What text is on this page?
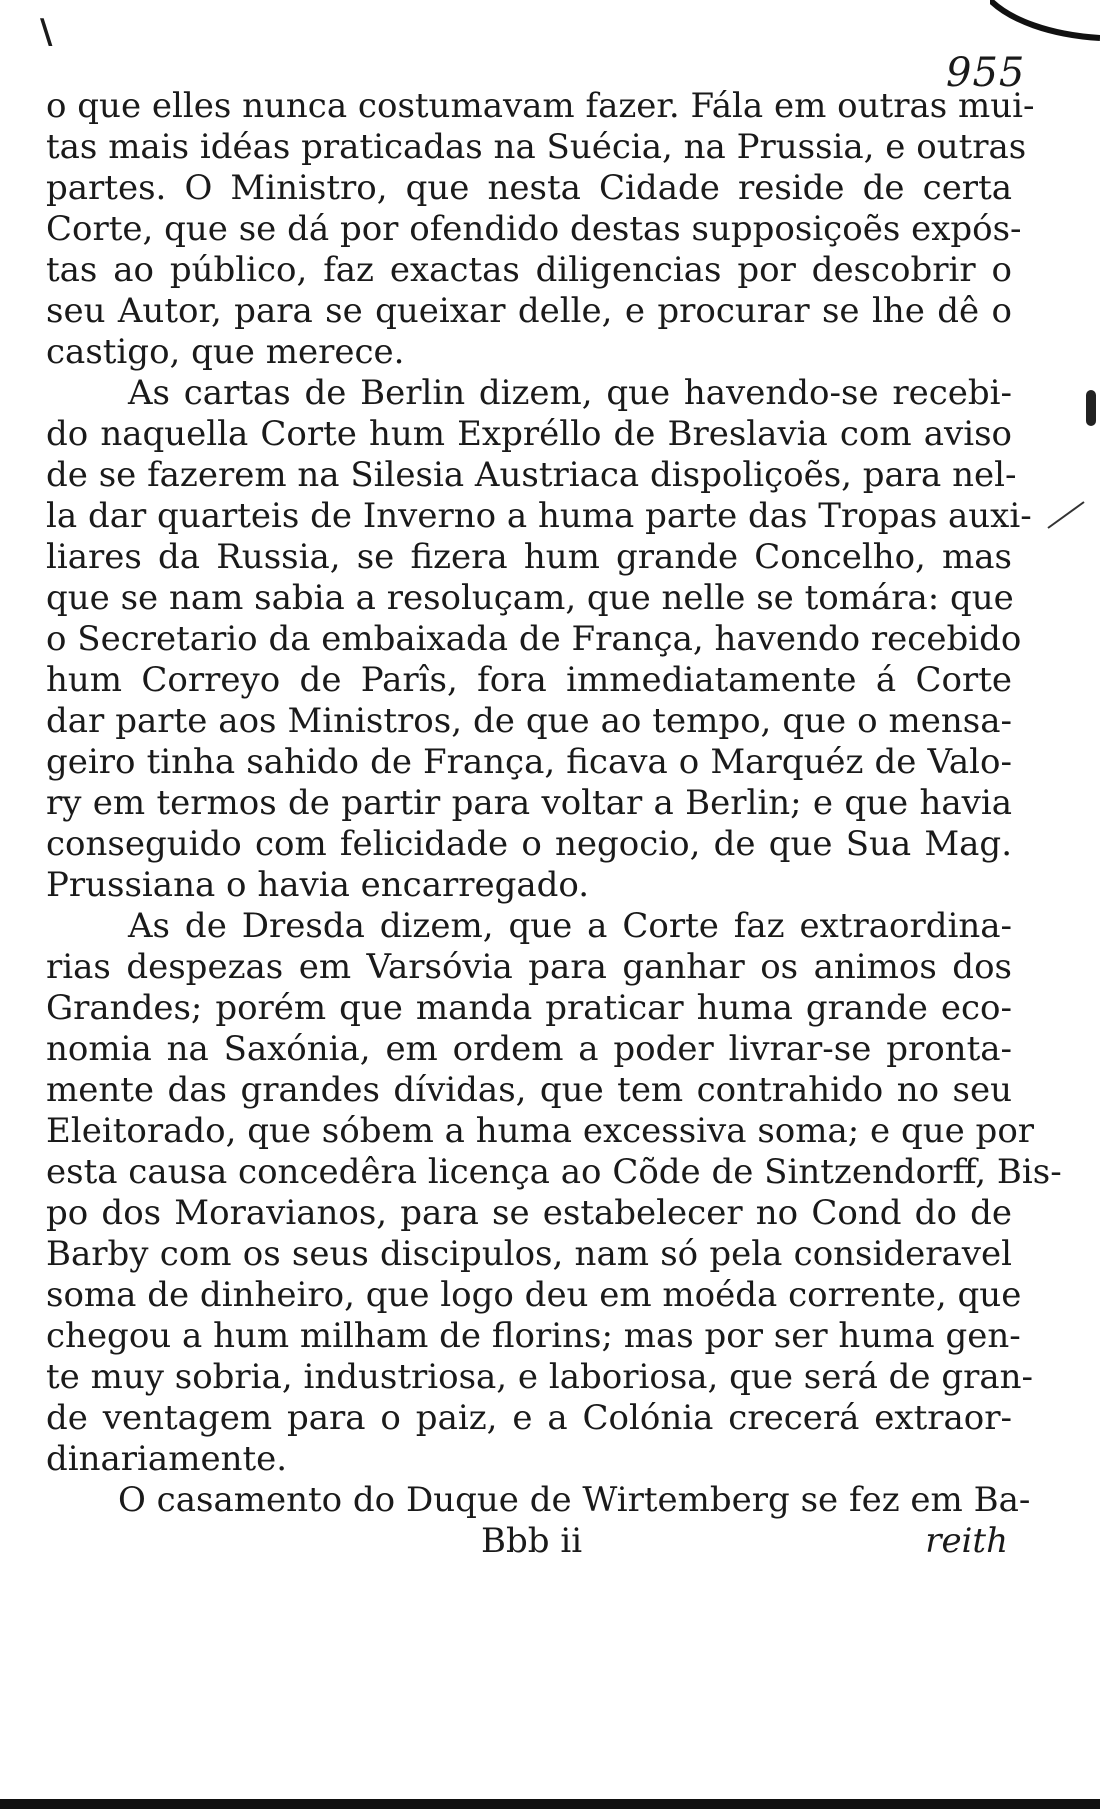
\
955

o que elles nunca costumavam fazer. Fála em outras mui-
tas mais idéas praticadas na Suécia, na Prussia, e outras
partes. O Ministro, que nesta Cidade reside de certa
Corte, que se dá por ofendido destas supposiçoẽs expós-
tas ao público, faz exactas diligencias por descobrir o
seu Autor, para se queixar delle, e procurar se lhe dê o
castigo, que merece.

As cartas de Berlin dizem, que havendo-se recebi-
do naquella Corte hum Expréllo de Breslavia com aviso
de se fazerem na Silesia Austriaca dispoliçoẽs, para nel-
la dar quarteis de Inverno a huma parte das Tropas auxi-
liares da Russia, se fizera hum grande Concelho, mas
que se nam sabia a resoluçam, que nelle se tomára: que
o Secretario da embaixada de França, havendo recebido
hum Correyo de Parîs, fora immediatamente á Corte
dar parte aos Ministros, de que ao tempo, que o mensa-
geiro tinha sahido de França, ficava o Marquéz de Valo-
ry em termos de partir para voltar a Berlin; e que havia
conseguido com felicidade o negocio, de que Sua Mag.
Prussiana o havia encarregado.

As de Dresda dizem, que a Corte faz extraordina-
rias despezas em Varsóvia para ganhar os animos dos
Grandes; porém que manda praticar huma grande eco-
nomia na Saxónia, em ordem a poder livrar-se pronta-
mente das grandes dívidas, que tem contrahido no seu
Eleitorado, que sóbem a huma excessiva soma; e que por
esta causa concedêra licença ao Cõde de Sintzendorff, Bis-
po dos Moravianos, para se estabelecer no Cond do de
Barby com os seus discipulos, nam só pela consideravel
soma de dinheiro, que logo deu em moéda corrente, que
chegou a hum milham de florins; mas por ser huma gen-
te muy sobria, industriosa, e laboriosa, que será de gran-
de ventagem para o paiz, e a Colónia crecerá extraor-
dinariamente.

O casamento do Duque de Wirtemberg se fez em Ba-

Bbb ii	reith
